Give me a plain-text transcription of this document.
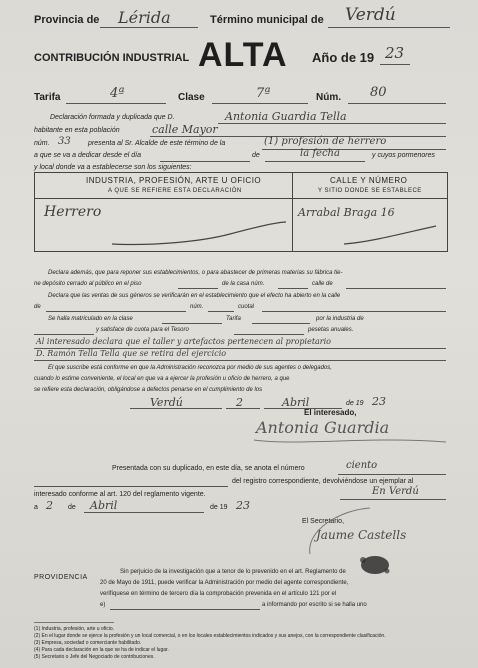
Provincia de Lérida	Término municipal de Verdú
CONTRIBUCIÓN INDUSTRIAL ALTA Año de 19 23
Tarifa	4ª	Clase	7ª	Núm. 80
Declaración formada y duplicada que D.	Antonia Guardia Tella
habitante en esta población	calle Mayor
núm. 33 presenta al Sr. Alcalde de este término de la	(1) profesión de herrero
a que se va a dedicar desde el día	de	la fecha	y cuyos pormenores
y local donde va a establecerse son los siguientes:
INDUSTRIA, PROFESIÓN, ARTE U OFICIO
A QUE SE REFIERE ESTA DECLARACIÓN
CALLE Y NÚMERO
Y SITIO DONDE SE ESTABLECE
Herrero	Arrabal Braga 16
Declara además, que para reponer sus establecimientos, o para abastecer de primeras materias su fábrica tie-
ne depósito cerrado al público en el piso	de la casa núm.	calle de
Declara que las ventas de sus géneros se verificarán en el establecimiento que el efecto ha abierto en la calle
de	núm.	cuotal
Se halla matriculado en la clase	Tarifa	por la industria de
y satisface de cuota para el Tesoro	pesetas anuales.
Al interesado declara que el taller y artefactos pertenecen al propietario
D. Ramón Tella Tella que se retira del ejercicio
El que suscribe está conforme en que la Administración reconozca por medio de sus agentes o delegados,
cuando lo estime conveniente, el local en que va a ejercer la profesión u oficio de herrero, a que
se refiere esta declaración, obligándose a defectos penarse en el cumplimiento de los
Verdú	2	Abril	de 19 23
El interesado,
Antonia Guardia
Presentada con su duplicado, en este día, se anota el número	ciento
del registro correspondiente, devolviéndose un ejemplar al
interesado conforme al art. 120 del reglamento vigente.	En Verdú
a 2 de Abril	de 19 23
El Secretario,
Jaume Castells
PROVIDENCIA
Sin perjuicio de la investigación que a tenor de lo prevenido en el art. Reglamento de
20 de Mayo de 1911, puede verificar la Administración por medio del agente correspondiente,
verifíquese en término de tercero día la comprobación prevenida en el artículo 121 por el
e)	a informando por escrito si se halla uno
(1) Industria, profesión, arte u oficio.
(2) En el lugar donde se ejerce la profesión y un local comercial, o en los locales establecimientos indicados y sus anejos, con la correspondiente clasificación.
(3) Empresa, sociedad o comerciante habilitado.
(4) Para cada declaración en la que se ha de indicar el lugar.
(5) Secretario o Jefe del Negociado de contribuciones.
